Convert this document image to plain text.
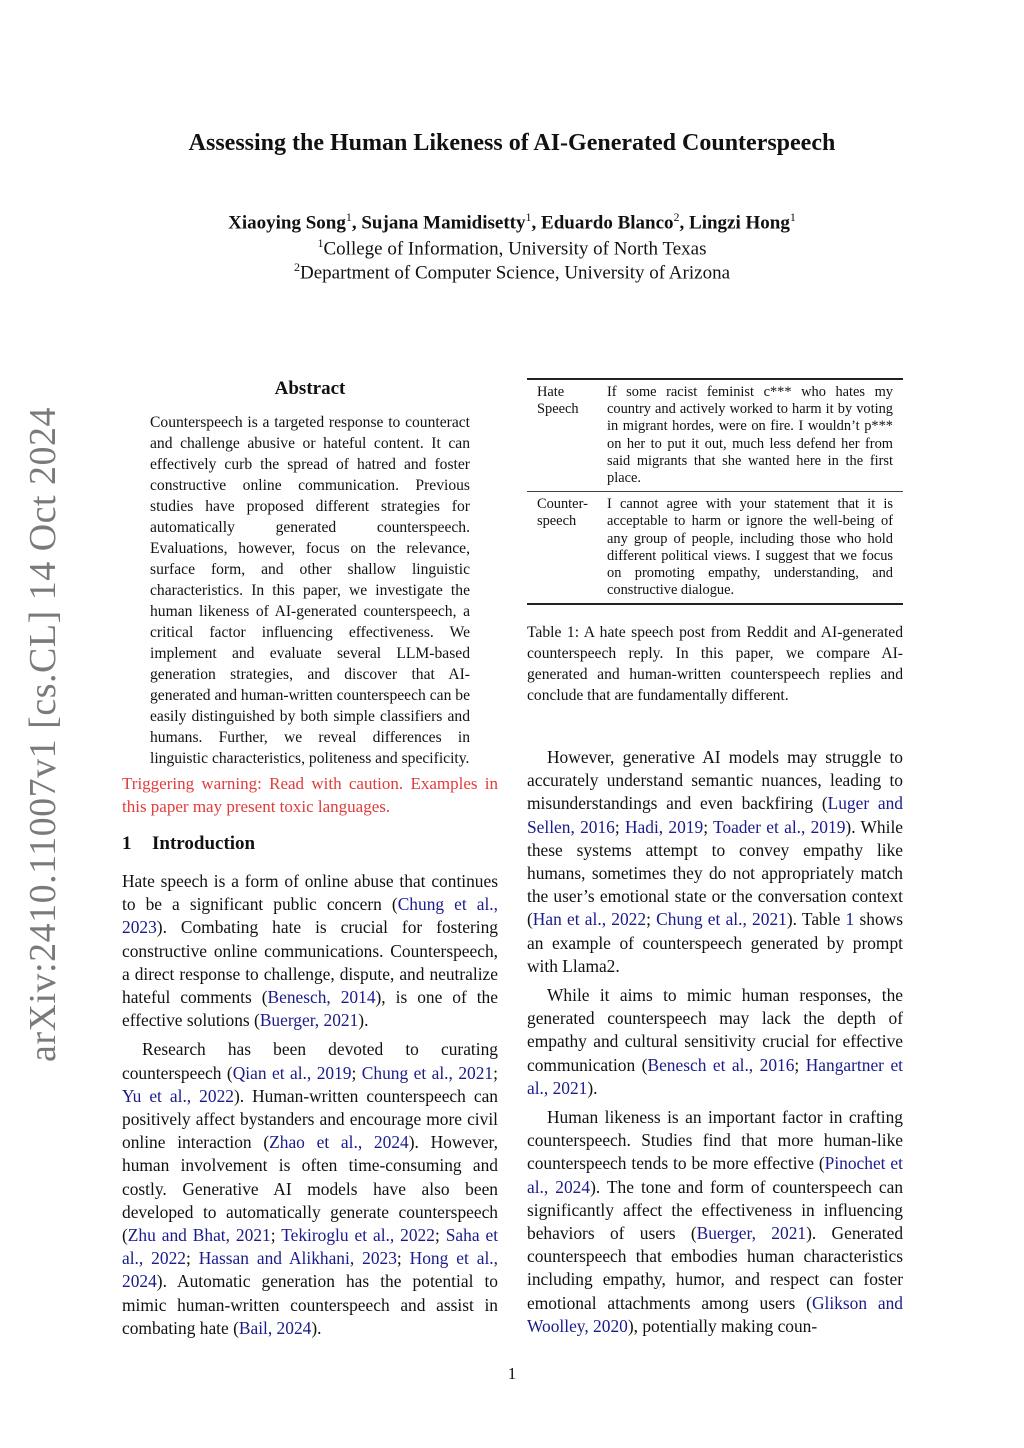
arXiv:2410.11007v1 [cs.CL] 14 Oct 2024
Assessing the Human Likeness of AI-Generated Counterspeech
Xiaoying Song$^1$, Sujana Mamidisetty$^1$, Eduardo Blanco$^2$, Lingzi Hong$^1$
$^1$College of Information, University of North Texas
$^2$Department of Computer Science, University of Arizona
Abstract
Counterspeech is a targeted response to counteract and challenge abusive or hateful content. It can effectively curb the spread of hatred and foster constructive online communication. Previous studies have proposed different strategies for automatically generated counterspeech. Evaluations, however, focus on the relevance, surface form, and other shallow linguistic characteristics. In this paper, we investigate the human likeness of AI-generated counterspeech, a critical factor influencing effectiveness. We implement and evaluate several LLM-based generation strategies, and discover that AI-generated and human-written counterspeech can be easily distinguished by both simple classifiers and humans. Further, we reveal differences in linguistic characteristics, politeness and specificity.
Triggering warning: Read with caution. Examples in this paper may present toxic languages.
1 Introduction

Hate speech is a form of online abuse that continues to be a significant public concern (Chung et al., 2023). Combating hate is crucial for fostering constructive online communications. Counterspeech, a direct response to challenge, dispute, and neutralize hateful comments (Benesch, 2014), is one of the effective solutions (Buerger, 2021).

Research has been devoted to curating counterspeech (Qian et al., 2019; Chung et al., 2021; Yu et al., 2022). Human-written counterspeech can positively affect bystanders and encourage more civil online interaction (Zhao et al., 2024). However, human involvement is often time-consuming and costly. Generative AI models have also been developed to automatically generate counterspeech (Zhu and Bhat, 2021; Tekiroglu et al., 2022; Saha et al., 2022; Hassan and Alikhani, 2023; Hong et al., 2024). Automatic generation has the potential to mimic human-written counterspeech and assist in combating hate (Bail, 2024).

Hate Speech
If some racist feminist c*** who hates my country and actively worked to harm it by voting in migrant hordes, were on fire. I wouldn’t p*** on her to put it out, much less defend her from said migrants that she wanted here in the first place.
Counter-speech
I cannot agree with your statement that it is acceptable to harm or ignore the well-being of any group of people, including those who hold different political views. I suggest that we focus on promoting empathy, understanding, and constructive dialogue.
Table 1: A hate speech post from Reddit and AI-generated counterspeech reply. In this paper, we compare AI-generated and human-written counterspeech replies and conclude that are fundamentally different.

However, generative AI models may struggle to accurately understand semantic nuances, leading to misunderstandings and even backfiring (Luger and Sellen, 2016; Hadi, 2019; Toader et al., 2019). While these systems attempt to convey empathy like humans, sometimes they do not appropriately match the user’s emotional state or the conversation context (Han et al., 2022; Chung et al., 2021). Table 1 shows an example of counterspeech generated by prompt with Llama2.

While it aims to mimic human responses, the generated counterspeech may lack the depth of empathy and cultural sensitivity crucial for effective communication (Benesch et al., 2016; Hangartner et al., 2021).

Human likeness is an important factor in crafting counterspeech. Studies find that more human-like counterspeech tends to be more effective (Pinochet et al., 2024). The tone and form of counterspeech can significantly affect the effectiveness in influencing behaviors of users (Buerger, 2021). Generated counterspeech that embodies human characteristics including empathy, humor, and respect can foster emotional attachments among users (Glikson and Woolley, 2020), potentially making coun-

1
